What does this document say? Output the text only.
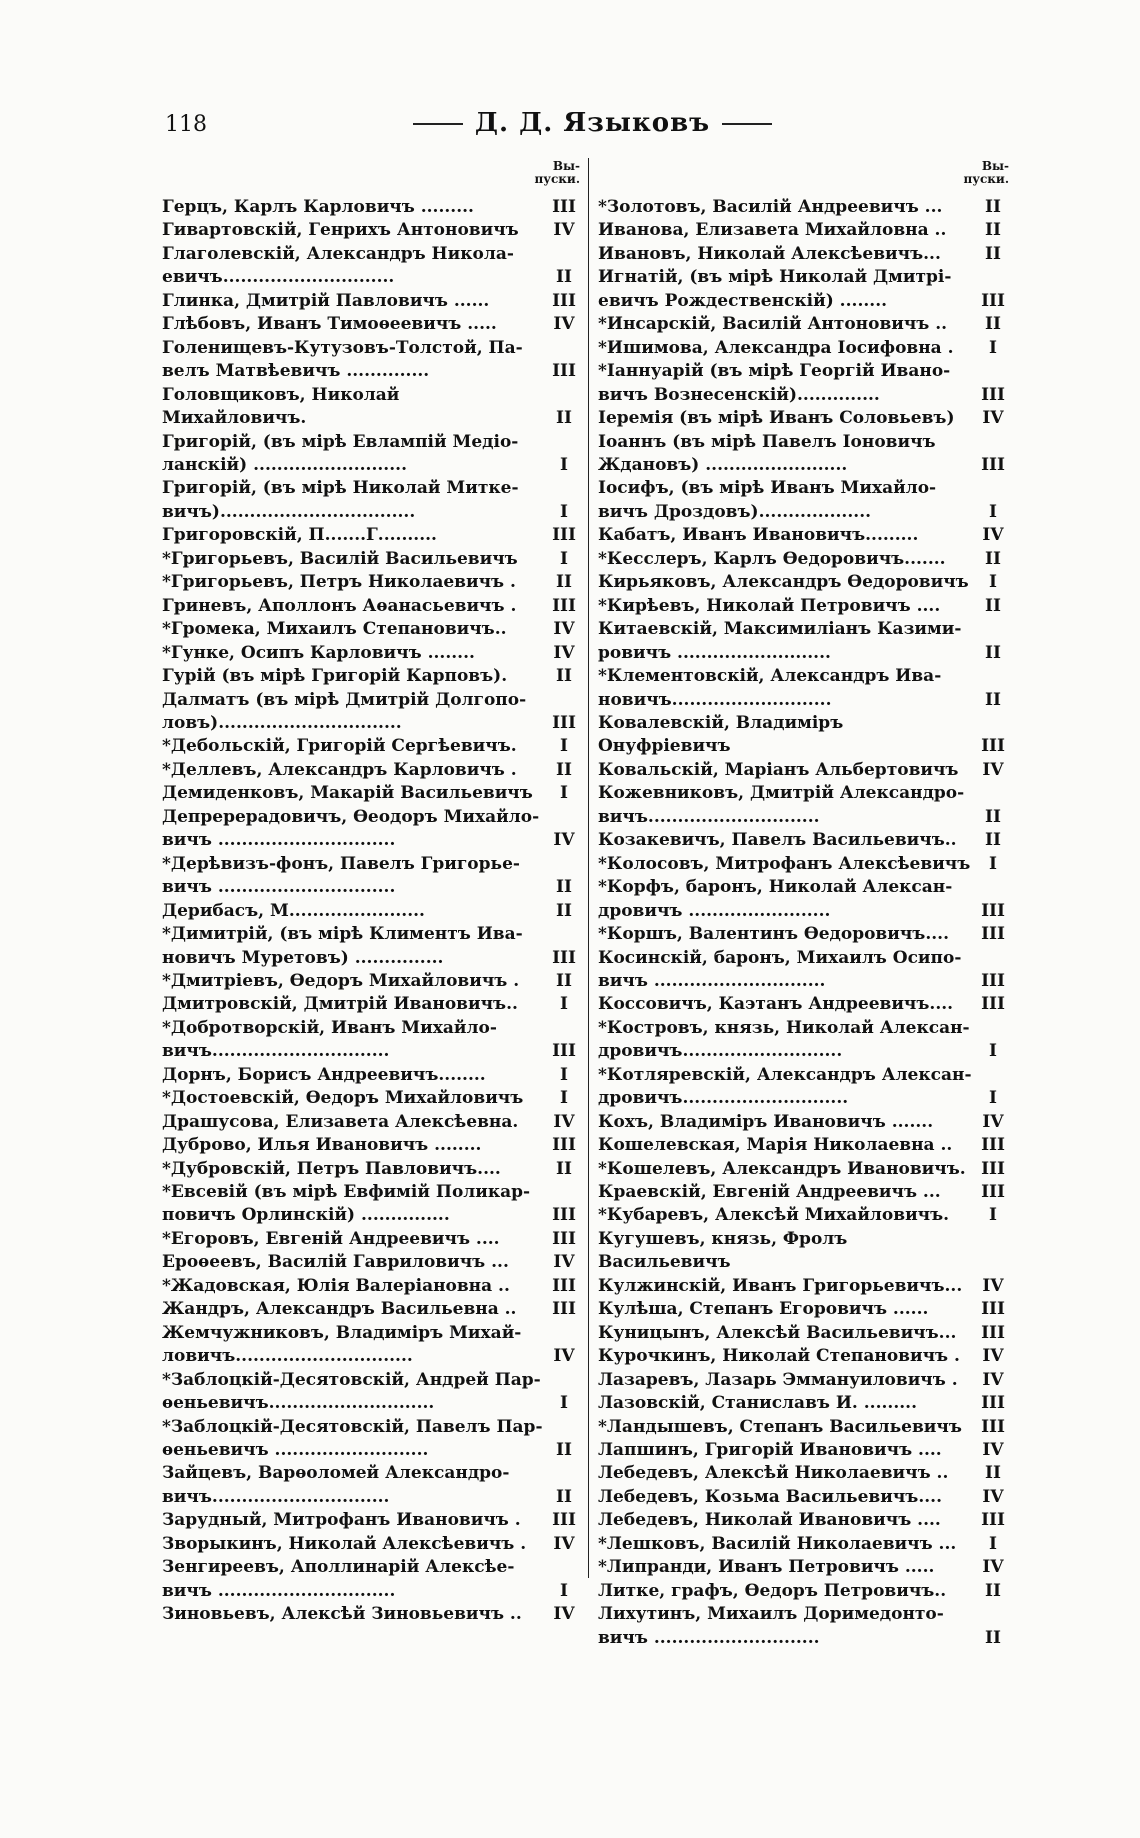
118	Д. Д. Языковъ
Вы-
пуски.
Герцъ, Карлъ Карловичъ .........	III
Гивартовскій, Генрихъ Антоновичъ	IV
Глаголевскій, Александръ Никола-
евичъ.............................	II
Глинка, Дмитрій Павловичъ ......	III
Глѣбовъ, Иванъ Тимоѳеевичъ .....	IV
Голенищевъ-Кутузовъ-Толстой, Па-
велъ Матвѣевичъ ..............	III
Головщиковъ, Николай Михайловичъ.	II
Григорій, (въ мірѣ Евлампій Медіо-
ланскій) ..........................	I
Григорій, (въ мірѣ Николай Митке-
вичъ).................................	I
Григоровскій, П.......Г..........	III
*Григорьевъ, Василій Васильевичъ	I
*Григорьевъ, Петръ Николаевичъ .	II
Гриневъ, Аполлонъ Аѳанасьевичъ .	III
*Громека, Михаилъ Степановичъ..	IV
*Гунке, Осипъ Карловичъ ........	IV
Гурій (въ мірѣ Григорій Карповъ).	II
Далматъ (въ мірѣ Дмитрій Долгопо-
ловъ)...............................	III
*Дебольскій, Григорій Сергѣевичъ.	I
*Деллевъ, Александръ Карловичъ .	II
Демиденковъ, Макарій Васильевичъ	I
Депререрадовичъ, Ѳеодоръ Михайло-
вичъ ..............................	IV
*Дерѣвизъ-фонъ, Павелъ Григорье-
вичъ ..............................	II
Дерибасъ, М.......................	II
*Димитрій, (въ мірѣ Климентъ Ива-
новичъ Муретовъ) ...............	III
*Дмитріевъ, Ѳедоръ Михайловичъ .	II
Дмитровскій, Дмитрій Ивановичъ..	I
*Добротворскій, Иванъ Михайло-
вичъ..............................	III
Дорнъ, Борисъ Андреевичъ........	I
*Достоевскій, Ѳедоръ Михайловичъ	I
Драшусова, Елизавета Алексѣевна.	IV
Дуброво, Илья Ивановичъ ........	III
*Дубровскій, Петръ Павловичъ....	II
*Евсевій (въ мірѣ Евфимій Поликар-
повичъ Орлинскій) ...............	III
*Егоровъ, Евгеній Андреевичъ ....	III
Ероѳеевъ, Василій Гавриловичъ ...	IV
*Жадовская, Юлія Валеріановна ..	III
Жандръ, Александръ Васильевна ..	III
Жемчужниковъ, Владиміръ Михай-
ловичъ..............................	IV
*Заблоцкій-Десятовскій, Андрей Пар-
ѳеньевичъ............................	I
*Заблоцкій-Десятовскій, Павелъ Пар-
ѳеньевичъ ..........................	II
Зайцевъ, Варѳоломей Александро-
вичъ..............................	II
Зарудный, Митрофанъ Ивановичъ .	III
Зворыкинъ, Николай Алексѣевичъ .	IV
Зенгиреевъ, Аполлинарій Алексѣе-
вичъ ..............................	I
Зиновьевъ, Алексѣй Зиновьевичъ ..	IV
Вы-
пуски.
*Золотовъ, Василій Андреевичъ ...	II
Иванова, Елизавета Михайловна ..	II
Ивановъ, Николай Алексѣевичъ...	II
Игнатій, (въ мірѣ Николай Дмитрі-
евичъ Рождественскій) ........	III
*Инсарскій, Василій Антоновичъ ..	II
*Ишимова, Александра Іосифовна .	I
*Іаннуарій (въ мірѣ Георгій Ивано-
вичъ Вознесенскій)..............	III
Іеремія (въ мірѣ Иванъ Соловьевъ)	IV
Іоаннъ (въ мірѣ Павелъ Іоновичъ
Ждановъ) ........................	III
Іосифъ, (въ мірѣ Иванъ Михайло-
вичъ Дроздовъ)...................	I
Кабатъ, Иванъ Ивановичъ.........	IV
*Кесслеръ, Карлъ Ѳедоровичъ.......	II
Кирьяковъ, Александръ Ѳедоровичъ	I
*Кирѣевъ, Николай Петровичъ ....	II
Китаевскій, Максимиліанъ Казими-
ровичъ ..........................	II
*Клементовскій, Александръ Ива-
новичъ...........................	II
Ковалевскій, Владиміръ Онуфріевичъ	III
Ковальскій, Маріанъ Альбертовичъ	IV
Кожевниковъ, Дмитрій Александро-
вичъ.............................	II
Козакевичъ, Павелъ Васильевичъ..	II
*Колосовъ, Митрофанъ Алексѣевичъ	I
*Корфъ, баронъ, Николай Алексан-
дровичъ ........................	III
*Коршъ, Валентинъ Ѳедоровичъ....	III
Косинскій, баронъ, Михаилъ Осипо-
вичъ .............................	III
Коссовичъ, Каэтанъ Андреевичъ....	III
*Костровъ, князь, Николай Алексан-
дровичъ...........................	I
*Котляревскій, Александръ Алексан-
дровичъ............................	I
Кохъ, Владиміръ Ивановичъ .......	IV
Кошелевская, Марія Николаевна ..	III
*Кошелевъ, Александръ Ивановичъ. III
Краевскій, Евгеній Андреевичъ ...	III
*Кубаревъ, Алексѣй Михайловичъ.	I
Кугушевъ, князь, Фролъ Васильевичъ
Кулжинскій, Иванъ Григорьевичъ...	IV
Кулѣша, Степанъ Егоровичъ ......	III
Куницынъ, Алексѣй Васильевичъ...	III
Курочкинъ, Николай Степановичъ .	IV
Лазаревъ, Лазарь Эммануиловичъ .	IV
Лазовскій, Станиславъ И. .........	III
*Ландышевъ, Степанъ Васильевичъ	III
Лапшинъ, Григорій Ивановичъ ....	IV
Лебедевъ, Алексѣй Николаевичъ ..	II
Лебедевъ, Козьма Васильевичъ....	IV
Лебедевъ, Николай Ивановичъ ....	III
*Лешковъ, Василій Николаевичъ ...	I
*Липранди, Иванъ Петровичъ .....	IV
Литке, графъ, Ѳедоръ Петровичъ..	II
Лихутинъ, Михаилъ Доримедонто-
вичъ ............................	II
